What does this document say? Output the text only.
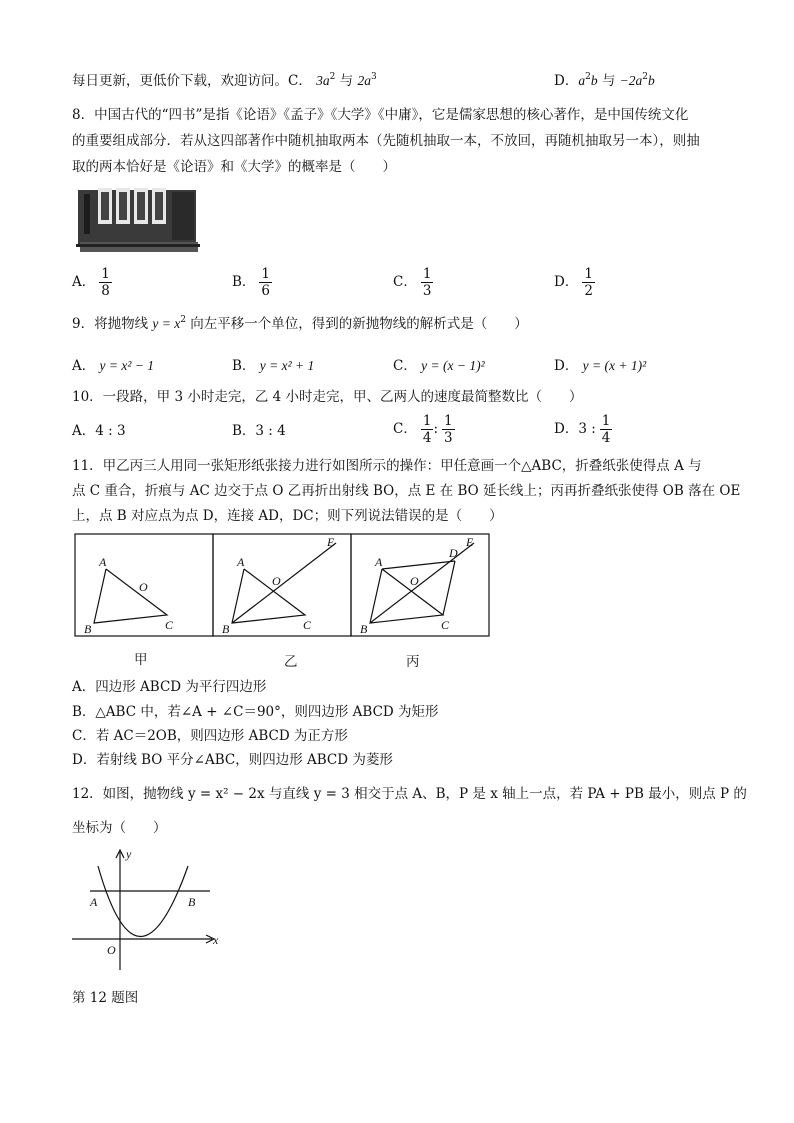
每日更新，更低价下载，欢迎访问。C． $3a^2$ 与 $2a^3$	D．$a^2b$ 与 $-2a^2b$
8．中国古代的“四书”是指《论语》《孟子》《大学》《中庸》，它是儒家思想的核心著作，是中国传统文化
的重要组成部分．若从这四部著作中随机抽取两本（先随机抽取一本，不放回，再随机抽取另一本），则抽
取的两本恰好是《论语》和《大学》的概率是（　　）
A． $\frac{1}{8}$	B． $\frac{1}{6}$	C． $\frac{1}{3}$	D． $\frac{1}{2}$
9．将抛物线 $y = x^2$ 向左平移一个单位，得到的新抛物线的解析式是（　　）
A． y = x² − 1	B． y = x² + 1	C． y = (x − 1)²	D． y = (x + 1)²
10．一段路，甲 3 小时走完，乙 4 小时走完，甲、乙两人的速度最简整数比（　　）
A．4 : 3	B．3 : 4	C． $\frac{1}{4}$ : $\frac{1}{3}$	D．3 : $\frac{1}{4}$
11．甲乙丙三人用同一张矩形纸张接力进行如图所示的操作：甲任意画一个△ABC，折叠纸张使得点 A 与
点 C 重合，折痕与 AC 边交于点 O 乙再折出射线 BO，点 E 在 BO 延长线上；丙再折叠纸张使得 OB 落在 OE
上，点 B 对应点为点 D，连接 AD，DC；则下列说法错误的是（　　）
A
O
B	C
A
O
B	C
E
A
O
B	C
D
E
甲	乙	丙
A．四边形 ABCD 为平行四边形
B．△ABC 中，若∠A + ∠C＝90°，则四边形 ABCD 为矩形
C．若 AC＝2OB，则四边形 ABCD 为正方形
D．若射线 BO 平分∠ABC，则四边形 ABCD 为菱形
12．如图，抛物线 y = x² − 2x 与直线 y = 3 相交于点 A、B，P 是 x 轴上一点，若 PA + PB 最小，则点 P 的
坐标为（　　）
y
x
A	B
O
第 12 题图
